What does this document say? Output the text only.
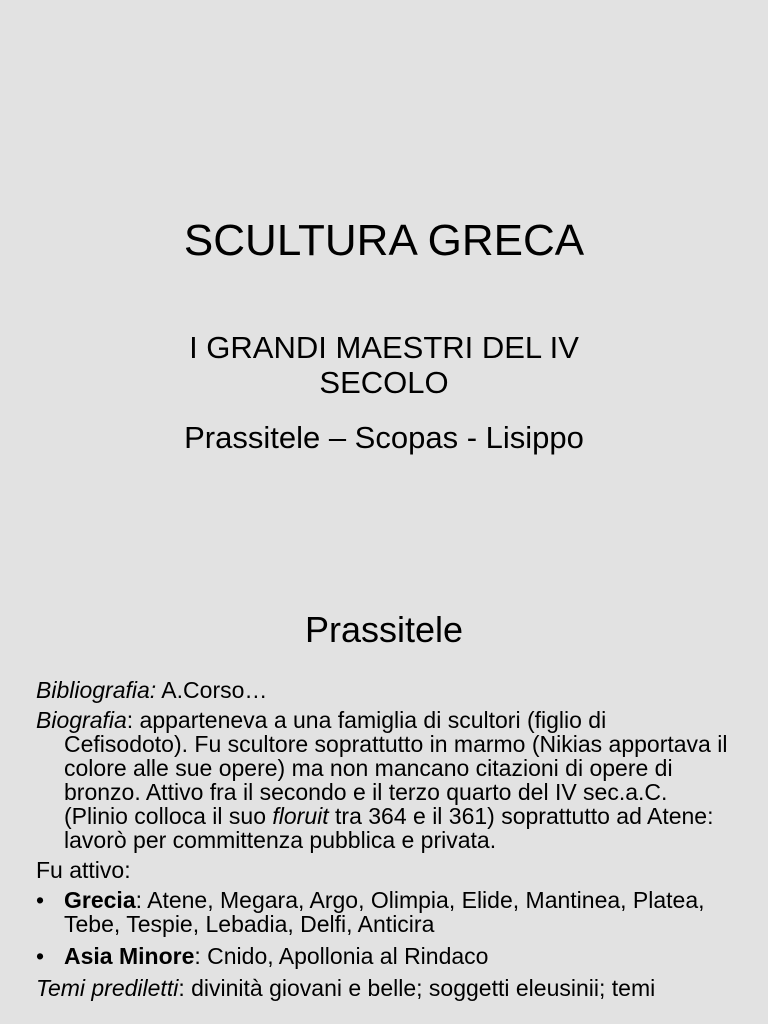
SCULTURA GRECA
I GRANDI MAESTRI DEL IV
SECOLO
Prassitele – Scopas - Lisippo
Prassitele

Bibliografia: A.Corso…

Biografia: apparteneva a una famiglia di scultori (figlio di Cefisodoto). Fu scultore soprattutto in marmo (Nikias apportava il colore alle sue opere) ma non mancano citazioni di opere di bronzo. Attivo fra il secondo e il terzo quarto del IV sec.a.C. (Plinio colloca il suo floruit tra 364 e il 361) soprattutto ad Atene: lavorò per committenza pubblica e privata.

Fu attivo:

• Grecia: Atene, Megara, Argo, Olimpia, Elide, Mantinea, Platea, Tebe, Tespie, Lebadia, Delfi, Anticira
• Asia Minore: Cnido, Apollonia al Rindaco

Temi prediletti: divinità giovani e belle; soggetti eleusinii; temi
